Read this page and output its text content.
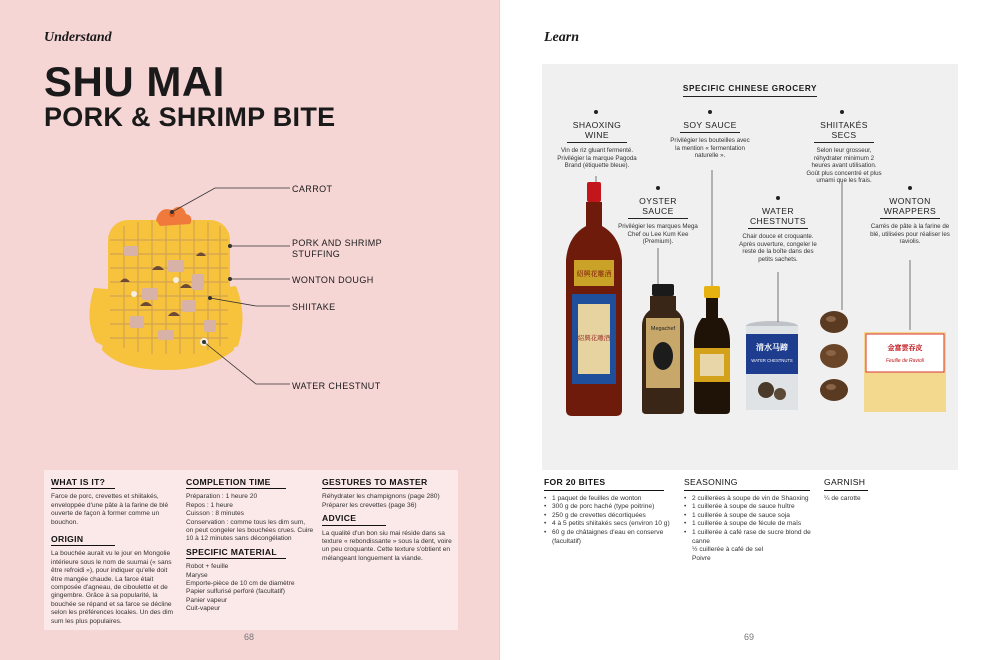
Understand
SHU MAI
PORK & SHRIMP BITE
CARROT
PORK AND SHRIMP
STUFFING
WONTON DOUGH
SHIITAKE
WATER CHESTNUT
WHAT IS IT?
Farce de porc, crevettes et shiitakés, enveloppée d'une pâte à la farine de blé ouverte de façon à former comme un bouchon.
ORIGIN
La bouchée aurait vu le jour en Mongolie intérieure sous le nom de suumai (« sans être refroidi »), pour indiquer qu'elle doit être mangée chaude. La farce était composée d'agneau, de ciboulette et de gingembre. Grâce à sa popularité, la bouchée se répand et sa farce se décline selon les préférences locales. Un des dim sum les plus populaires.
COMPLETION TIME
Préparation : 1 heure 20
Repos : 1 heure
Cuisson : 8 minutes
Conservation : comme tous les dim sum, on peut congeler les bouchées crues. Cuire 10 à 12 minutes sans décongélation
SPECIFIC MATERIAL
Robot + feuille
Maryse
Emporte-pièce de 10 cm de diamètre
Papier sulfurisé perforé (facultatif)
Panier vapeur
Cuit-vapeur
GESTURES TO MASTER
Réhydrater les champignons (page 280)
Préparer les crevettes (page 36)
ADVICE
La qualité d'un bon siu mai réside dans sa texture « rebondissante » sous la dent, voire un peu croquante. Cette texture s'obtient en mélangeant longuement la viande.
68
Learn
SPECIFIC CHINESE GROCERY
SHAOXING
WINE
Vin de riz gluant fermenté. Privilégier la marque Pagoda Brand (étiquette bleue).
SOY SAUCE
Privilégier les bouteilles avec la mention « fermentation naturelle ».
SHIITAKÉS
SECS
Selon leur grosseur, réhydrater minimum 2 heures avant utilisation. Goût plus concentré et plus umami que les frais.
OYSTER
SAUCE
Privilégier les marques Mega Chef ou Lee Kum Kee (Premium).
WATER
CHESTNUTS
Chair douce et croquante. Après ouverture, congeler le reste de la boîte dans des petits sachets.
WONTON
WRAPPERS
Carrés de pâte à la farine de blé, utilisées pour réaliser les raviolis.
紹興花雕酒
紹興花雕酒
Megachef
清水马蹄
WATER CHESTNUTS
金富雲吞皮
Feuille de Ravioli
FOR 20 BITES
• 1 paquet de feuilles de wonton
• 300 g de porc haché (type poitrine)
• 250 g de crevettes décortiquées
• 4 à 5 petits shiitakés secs (environ 10 g)
• 60 g de châtaignes d'eau en conserve (facultatif)
SEASONING
• 2 cuillerées à soupe de vin de Shaoxing
• 1 cuillerée à soupe de sauce huître
• 1 cuillerée à soupe de sauce soja
• 1 cuillerée à soupe de fécule de maïs
• 1 cuillerée à café rase de sucre blond de canne
½ cuillerée à café de sel
Poivre
GARNISH
¼ de carotte
69
